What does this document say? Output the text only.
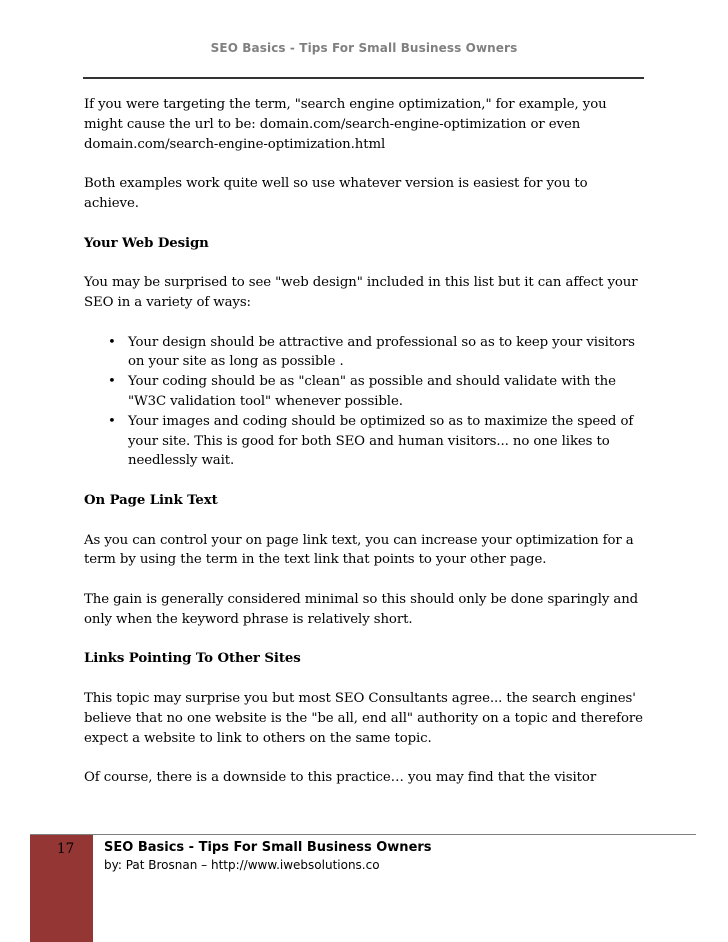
SEO Basics - Tips For Small Business Owners

If you were targeting the term, "search engine optimization," for example, you might cause the url to be: domain.com/search-engine-optimization or even domain.com/search-engine-optimization.html

Both examples work quite well so use whatever version is easiest for you to achieve.

Your Web Design

You may be surprised to see "web design" included in this list but it can affect your SEO in a variety of ways:

• Your design should be attractive and professional so as to keep your visitors on your site as long as possible .
• Your coding should be as "clean" as possible and should validate with the "W3C validation tool" whenever possible.
• Your images and coding should be optimized so as to maximize the speed of your site. This is good for both SEO and human visitors... no one likes to needlessly wait.
On Page Link Text

As you can control your on page link text, you can increase your optimization for a term by using the term in the text link that points to your other page.

The gain is generally considered minimal so this should only be done sparingly and only when the keyword phrase is relatively short.

Links Pointing To Other Sites

This topic may surprise you but most SEO Consultants agree... the search engines' believe that no one website is the "be all, end all" authority on a topic and therefore expect a website to link to others on the same topic.

Of course, there is a downside to this practice… you may find that the visitor

17 SEO Basics - Tips For Small Business Owners
by: Pat Brosnan – http://www.iwebsolutions.co
